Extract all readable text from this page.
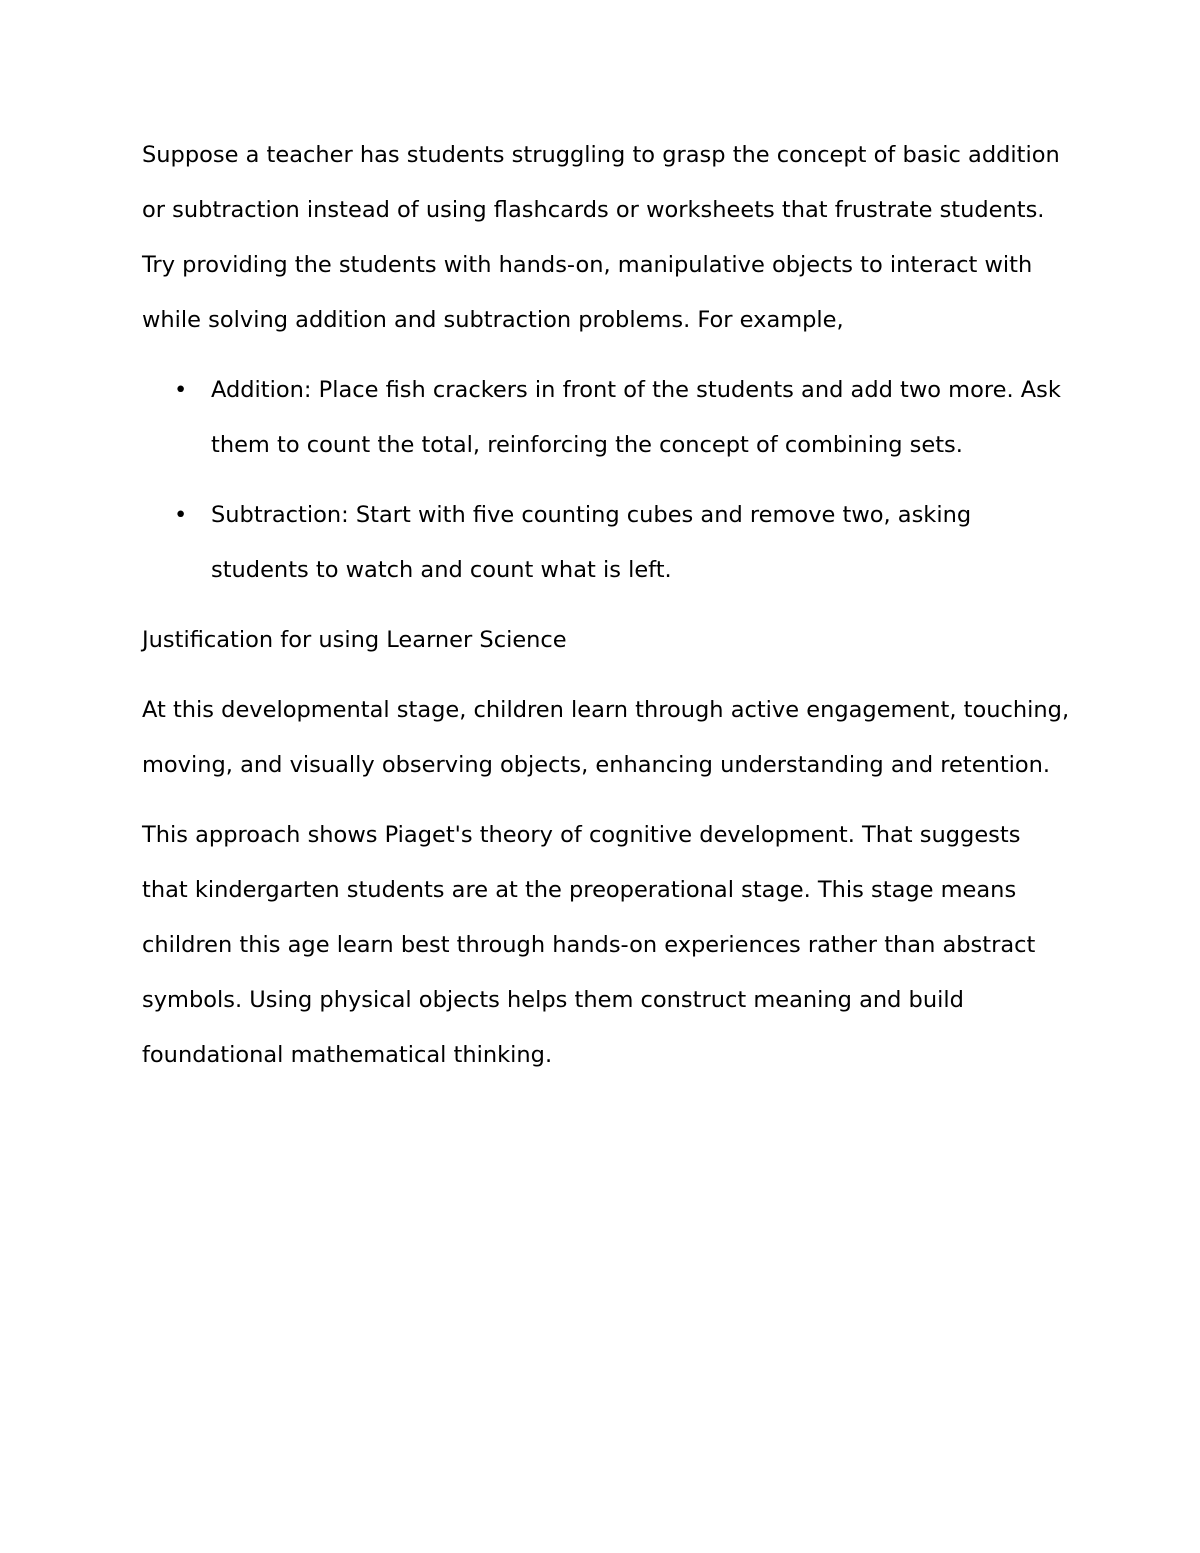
Suppose a teacher has students struggling to grasp the concept of basic addition or subtraction instead of using flashcards or worksheets that frustrate students. Try providing the students with hands-on, manipulative objects to interact with while solving addition and subtraction problems. For example,

• Addition: Place fish crackers in front of the students and add two more. Ask them to count the total, reinforcing the concept of combining sets.
• Subtraction: Start with five counting cubes and remove two, asking students to watch and count what is left.

Justification for using Learner Science

At this developmental stage, children learn through active engagement, touching, moving, and visually observing objects, enhancing understanding and retention.

This approach shows Piaget's theory of cognitive development. That suggests that kindergarten students are at the preoperational stage. This stage means children this age learn best through hands-on experiences rather than abstract symbols. Using physical objects helps them construct meaning and build foundational mathematical thinking.
